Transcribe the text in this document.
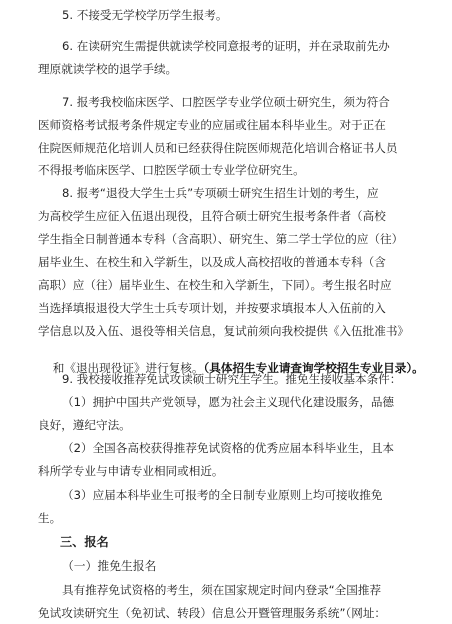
5. 不接受无学校学历学生报考。
6. 在读研究生需提供就读学校同意报考的证明，并在录取前先办
理原就读学校的退学手续。
7. 报考我校临床医学、口腔医学专业学位硕士研究生，须为符合
医师资格考试报考条件规定专业的应届或往届本科毕业生。对于正在
住院医师规范化培训人员和已经获得住院医师规范化培训合格证书人员
不得报考临床医学、口腔医学硕士专业学位研究生。
8. 报考“退役大学生士兵”专项硕士研究生招生计划的考生，应
为高校学生应征入伍退出现役，且符合硕士研究生报考条件者（高校
学生指全日制普通本专科（含高职）、研究生、第二学士学位的应（往）
届毕业生、在校生和入学新生，以及成人高校招收的普通本专科（含
高职）应（往）届毕业生、在校生和入学新生，下同）。考生报名时应
当选择填报退役大学生士兵专项计划，并按要求填报本人入伍前的入
学信息以及入伍、退役等相关信息，复试前须向我校提供《入伍批准书》

和《退出现役证》进行复核。（具体招生专业请查询学校招生专业目录）。

9. 我校接收推荐免试攻读硕士研究生学生。推免生接收基本条件：
（1）拥护中国共产党领导，愿为社会主义现代化建设服务，品德
良好，遵纪守法。
（2）全国各高校获得推荐免试资格的优秀应届本科毕业生，且本
科所学专业与申请专业相同或相近。
（3）应届本科毕业生可报考的全日制专业原则上均可接收推免
生。
三、报名
（一）推免生报名
具有推荐免试资格的考生，须在国家规定时间内登录“全国推荐
免试攻读研究生（免初试、转段）信息公开暨管理服务系统”（网址：
